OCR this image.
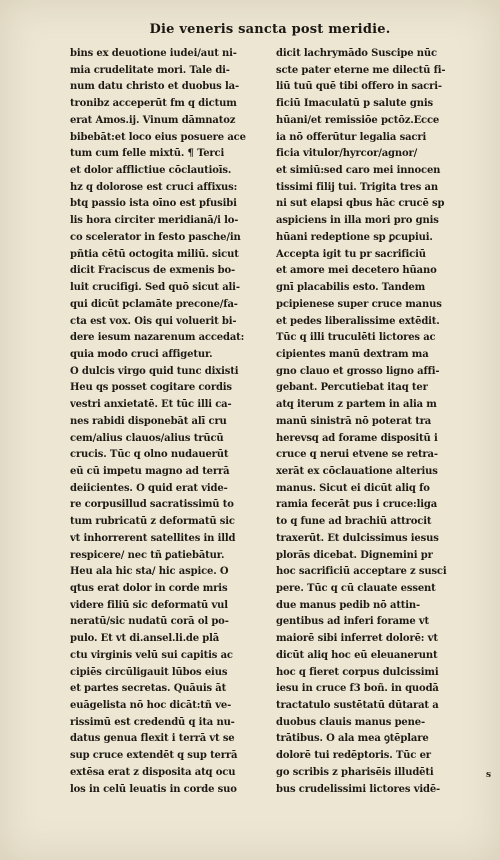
Die veneris sancta post meridie.
bins ex deuotione iudei/aut ni-
mia crudelitate mori. Tale di-
num datu christo et duobus la-
tronibz acceperūt fm q dictum
erat Amos.ij. Vinum dāmnatoz
bibebāt:et loco eius posuere ace
tum cum felle mixtū. ¶ Terci
et dolor afflictiue cōclautioīs.
hz q dolorose est cruci affixus:
btq passio ista oīno est pfusibi
lis hora circiter meridianā/i lo-
co scelerator in festo pasche/in
pñtia cētū octogita miliū. sicut
dicit Fraciscus de exmenis bo-
luit crucifigi. Sed quō sicut ali-
qui dicūt pclamāte precone/fa-
cta est vox. Ois qui voluerit bi-
dere iesum nazarenum accedat:
quia modo cruci affigetur.
O dulcis virgo quid tunc dixisti
Heu qs posset cogitare cordis
vestri anxietatē. Et tūc illi ca-
nes rabidi disponebāt alī cru
cem/alius clauos/alius trūcū
crucis. Tūc q olno nudauerūt
eū cū impetu magno ad terrā
deiicientes. O quid erat vide-
re corpusillud sacratissimū to
tum rubricatū z deformatū sic
vt inhorrerent satellites in illd
respicere/ nec tñ ꝑatiebātur.
Heu ala hic sta/ hic aspice. O
qtus erat dolor in corde mris
videre filiū sic deformatū vul
neratū/sic nudatū corā ol po-
pulo. Et vt di.ansel.li.de plā
ctu virginis velū sui capitis ac
cipiēs circūligauit lūbos eius
et partes secretas. Quāuis āt
euāgelista nō hoc dicāt:tñ ve-
rissimū est credendū q ita nu-
datus genua flexit i terrā vt se
sup cruce extendēt q sup terrā
extēsa erat z disposita atq ocu
los in celū leuatis in corde suo
dicit lachrymādo Suscipe nūc
scte pater eterne me dilectū fi-
liū tuū quē tibi offero in sacri-
ficiū Imaculatū p salute gnis
hūani/et remissiōe pctōz.Ecce
ia nō offerūtur legalia sacri
ficia vitulor/hyrcor/agnor/
et simiū:sed caro mei innocen
tissimi filij tui. Trigita tres an
ni sut elapsi qbus hāc crucē sp
aspiciens in illa mori pro gnis
hūani redeptione sp ꝑcupiui.
Accepta igit tu pr sacrificiū
et amore mei decetero hūano
gnī placabilis esto. Tandem
pcipienese super cruce manus
et pedes liberalissime extēdit.
Tūc q illi truculēti lictores ac
cipientes manū dextram ma
gno clauo et grosso ligno affi-
gebant. Percutiebat itaq ter
atq iterum z partem in alia m
manū sinistrā nō poterat tra
herevsq ad forame dispositū i
cruce q nerui etvene se retra-
xerāt ex cōclauatione alterius
manus. Sicut ei dicūt aliq fo
ramia fecerāt pus i cruce:liga
to q fune ad brachiū attrocit
traxerūt. Et dulcissimus iesus
plorās dicebat. Dignemini pr
hoc sacrificiū acceptare z susci
pere. Tūc q cū clauate essent
due manus pedib nō attin-
gentibus ad inferi forame vt
maiorē sibi inferret dolorē: vt
dicūt aliq hoc eū eleuanerunt
hoc q fieret corpus dulcissimi
iesu in cruce f3 boñ. in quodā
tractatulo sustētatū dūtarat a
duobus clauis manus pene-
trātibus. O ala mea ꝯtēplare
dolorē tui redēptoris. Tūc er
go scribis z pharisēis illudēti
bus crudelissimi lictores vidē-
s
